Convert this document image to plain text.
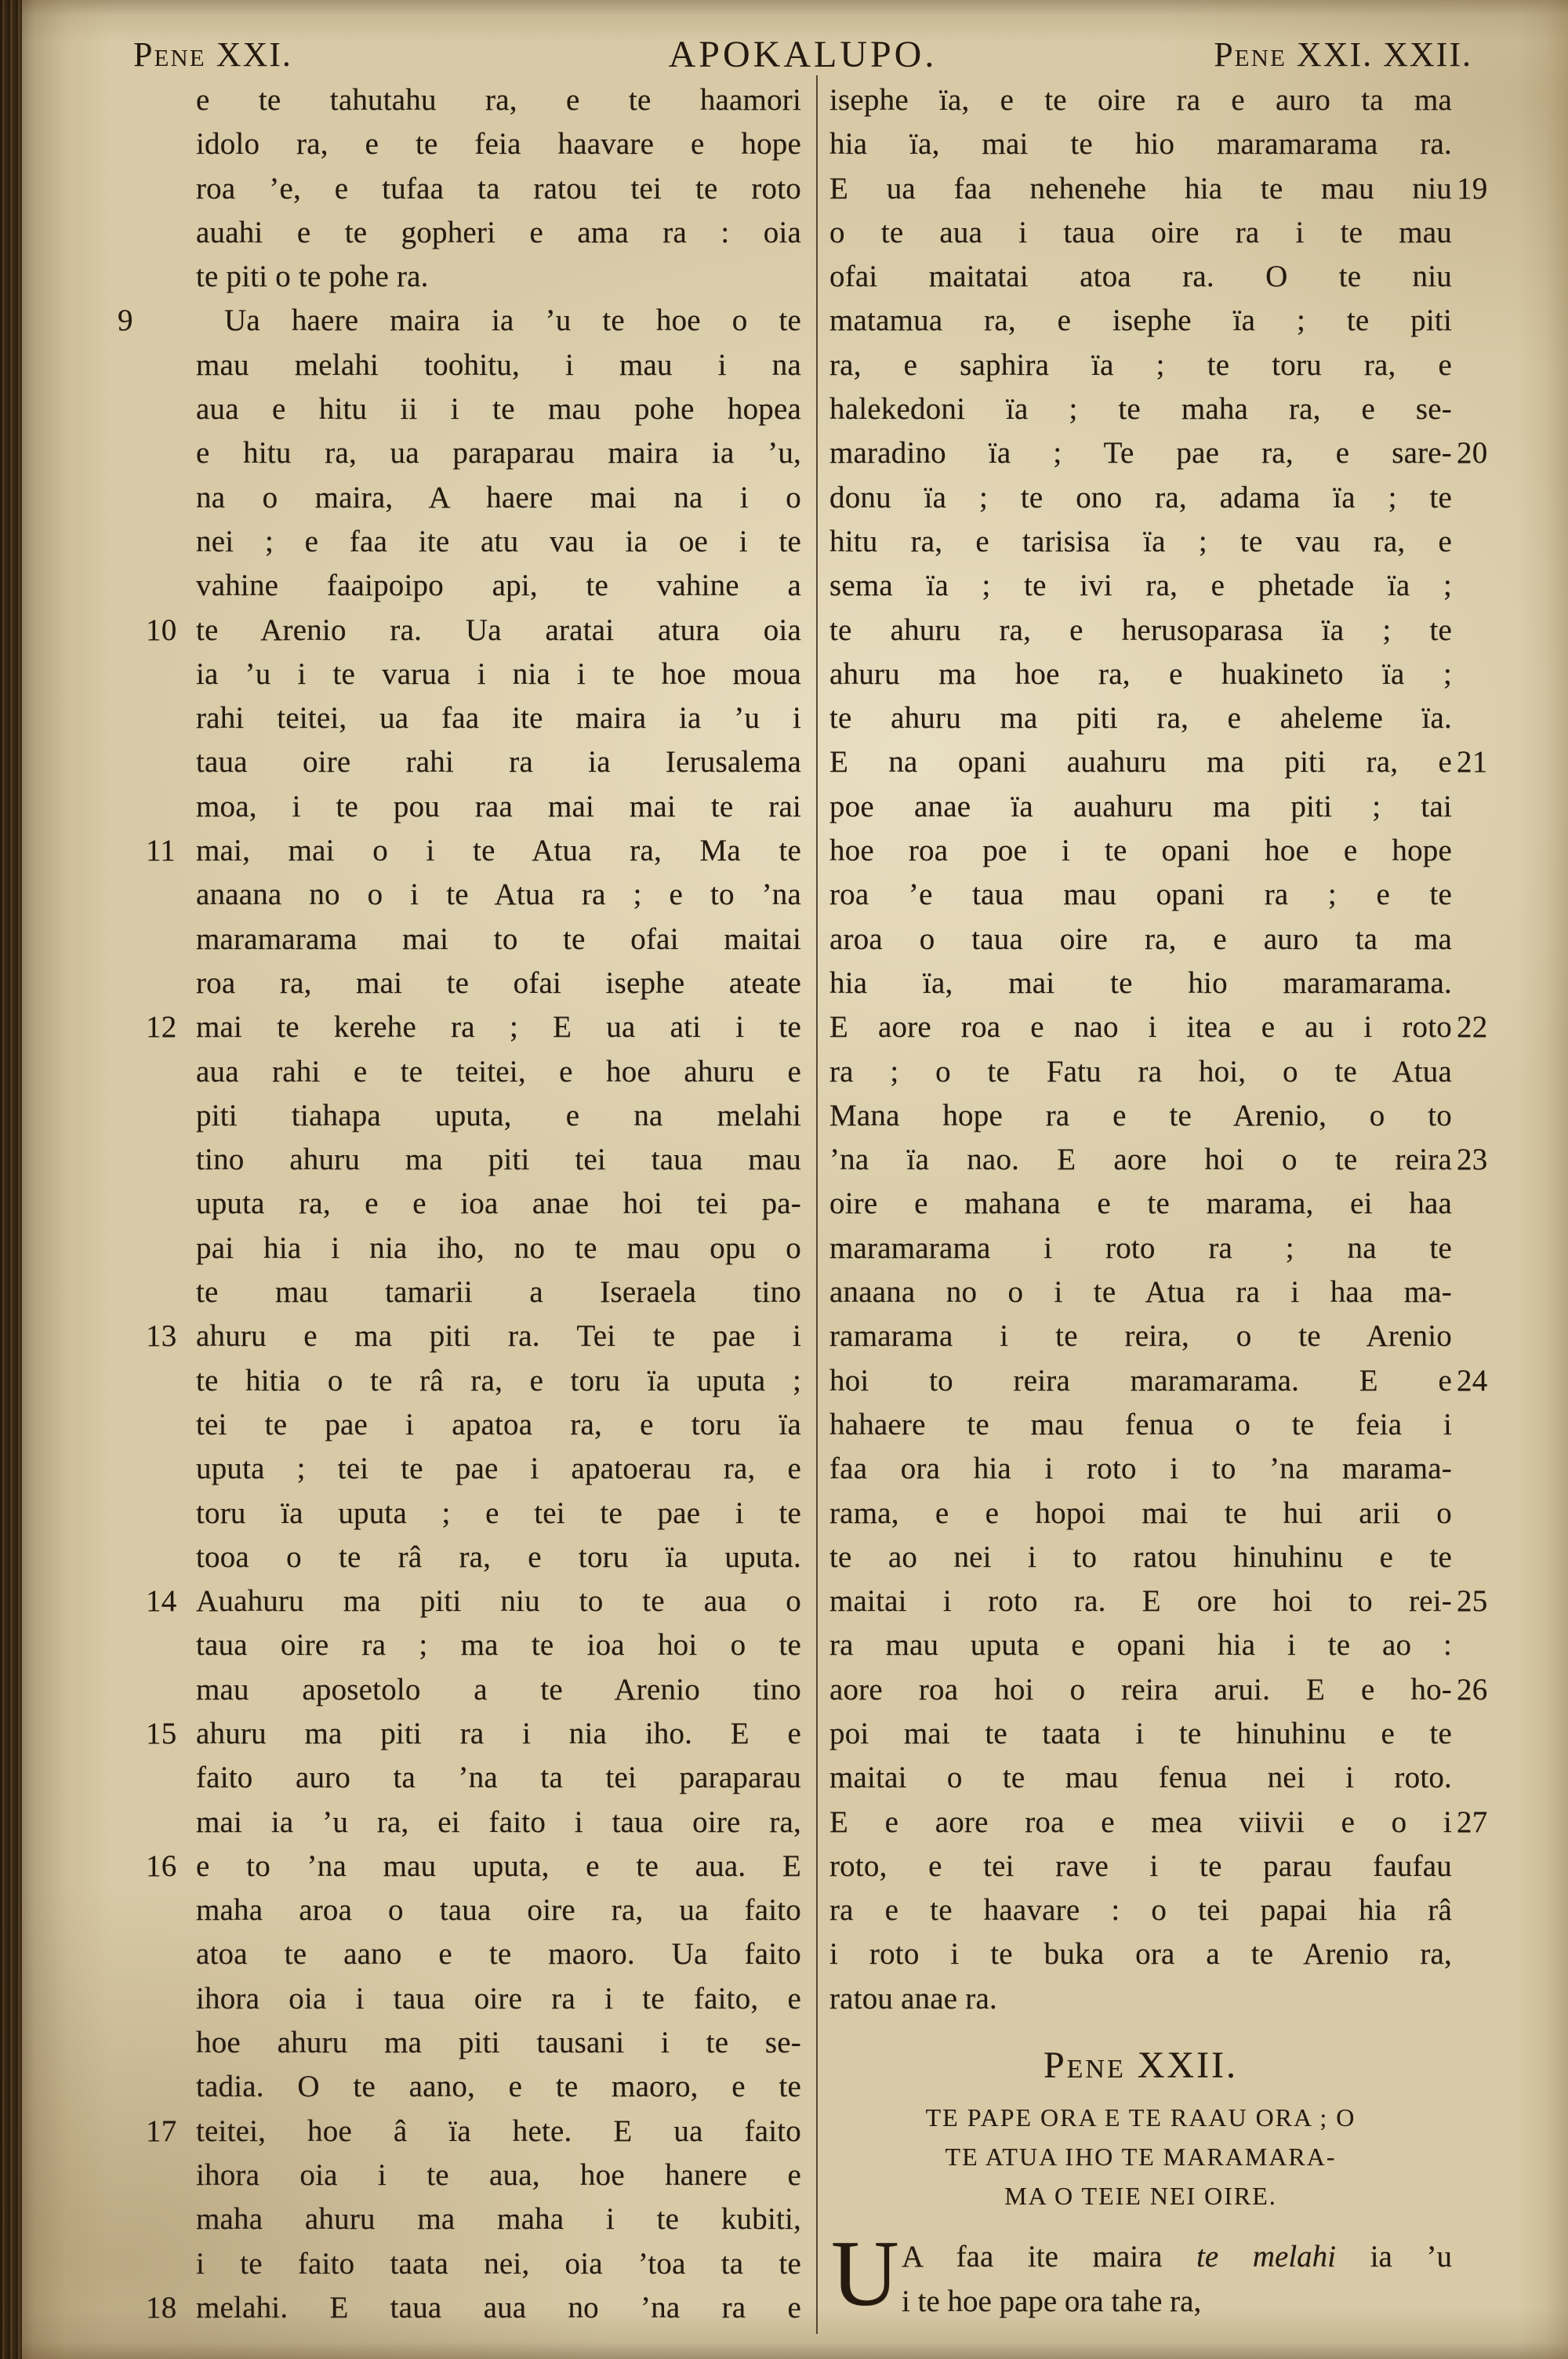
Pene XXI.	APOKALUPO.	Pene XXI. XXII.
e te tahutahu ra, e te haamori
idolo ra, e te feia haavare e hope
roa ’e, e tufaa ta ratou tei te roto
auahi e te gopheri e ama ra : oia
te piti o te pohe ra.
9	Ua haere maira ia ’u te hoe o te
mau melahi toohitu, i mau i na
aua e hitu ii i te mau pohe hopea
e hitu ra, ua paraparau maira ia ’u,
na o maira, A haere mai na i o
nei ; e faa ite atu vau ia oe i te
vahine faaipoipo api, te vahine a
10 te Arenio ra. Ua aratai atura oia
ia ’u i te varua i nia i te hoe moua
rahi teitei, ua faa ite maira ia ’u i
taua oire rahi ra ia Ierusalema
moa, i te pou raa mai mai te rai
11 mai, mai o i te Atua ra, Ma te
anaana no o i te Atua ra ; e to ’na
maramarama mai to te ofai maitai
roa ra, mai te ofai isephe ateate
12 mai te kerehe ra ; E ua ati i te
aua rahi e te teitei, e hoe ahuru e
piti tiahapa uputa, e na melahi
tino ahuru ma piti tei taua mau
uputa ra, e e ioa anae hoi tei pa-
pai hia i nia iho, no te mau opu o
te mau tamarii a Iseraela tino
13 ahuru e ma piti ra. Tei te pae i
te hitia o te râ ra, e toru ïa uputa ;
tei te pae i apatoa ra, e toru ïa
uputa ; tei te pae i apatoerau ra, e
toru ïa uputa ; e tei te pae i te
tooa o te râ ra, e toru ïa uputa.
14 Auahuru ma piti niu to te aua o
taua oire ra ; ma te ioa hoi o te
mau aposetolo a te Arenio tino
15 ahuru ma piti ra i nia iho. E e
faito auro ta ’na ta tei paraparau
mai ia ’u ra, ei faito i taua oire ra,
16 e to ’na mau uputa, e te aua. E
maha aroa o taua oire ra, ua faito
atoa te aano e te maoro. Ua faito
ihora oia i taua oire ra i te faito, e
hoe ahuru ma piti tausani i te se-
tadia. O te aano, e te maoro, e te
17 teitei, hoe â ïa hete. E ua faito
ihora oia i te aua, hoe hanere e
maha ahuru ma maha i te kubiti,
i te faito taata nei, oia ’toa ta te
18 melahi. E taua aua no ’na ra e
isephe ïa, e te oire ra e auro ta ma
hia ïa, mai te hio maramarama ra.
19
E ua faa nehenehe hia te mau niu
o te aua i taua oire ra i te mau
ofai maitatai atoa ra. O te niu
matamua ra, e isephe ïa ; te piti
ra, e saphira ïa ; te toru ra, e
halekedoni ïa ; te maha ra, e se-
20
maradino ïa ; Te pae ra, e sare-
donu ïa ; te ono ra, adama ïa ; te
hitu ra, e tarisisa ïa ; te vau ra, e
sema ïa ; te ivi ra, e phetade ïa ;
te ahuru ra, e herusoparasa ïa ; te
ahuru ma hoe ra, e huakineto ïa ;
te ahuru ma piti ra, e aheleme ïa.
21
E na opani auahuru ma piti ra, e
poe anae ïa auahuru ma piti ; tai
hoe roa poe i te opani hoe e hope
roa ’e taua mau opani ra ; e te
aroa o taua oire ra, e auro ta ma
hia ïa, mai te hio maramarama.
22
E aore roa e nao i itea e au i roto
ra ; o te Fatu ra hoi, o te Atua
Mana hope ra e te Arenio, o to
23
’na ïa nao. E aore hoi o te reira
oire e mahana e te marama, ei haa
maramarama i roto ra ; na te
anaana no o i te Atua ra i haa ma-
ramarama i te reira, o te Arenio
24
hoi to reira maramarama. E e
hahaere te mau fenua o te feia i
faa ora hia i roto i to ’na marama-
rama, e e hopoi mai te hui arii o
te ao nei i to ratou hinuhinu e te
25
maitai i roto ra. E ore hoi to rei-
ra mau uputa e opani hia i te ao :
26
aore roa hoi o reira arui. E e ho-
poi mai te taata i te hinuhinu e te
maitai o te mau fenua nei i roto.
27
E e aore roa e mea viivii e o i
roto, e tei rave i te parau faufau
ra e te haavare : o tei papai hia râ
i roto i te buka ora a te Arenio ra,
ratou anae ra.
Pene XXII.
TE PAPE ORA E TE RAAU ORA ; O
TE ATUA IHO TE MARAMARA-
MA O TEIE NEI OIRE.
U A faa ite maira te melahi ia ’u
i te hoe pape ora tahe ra,
